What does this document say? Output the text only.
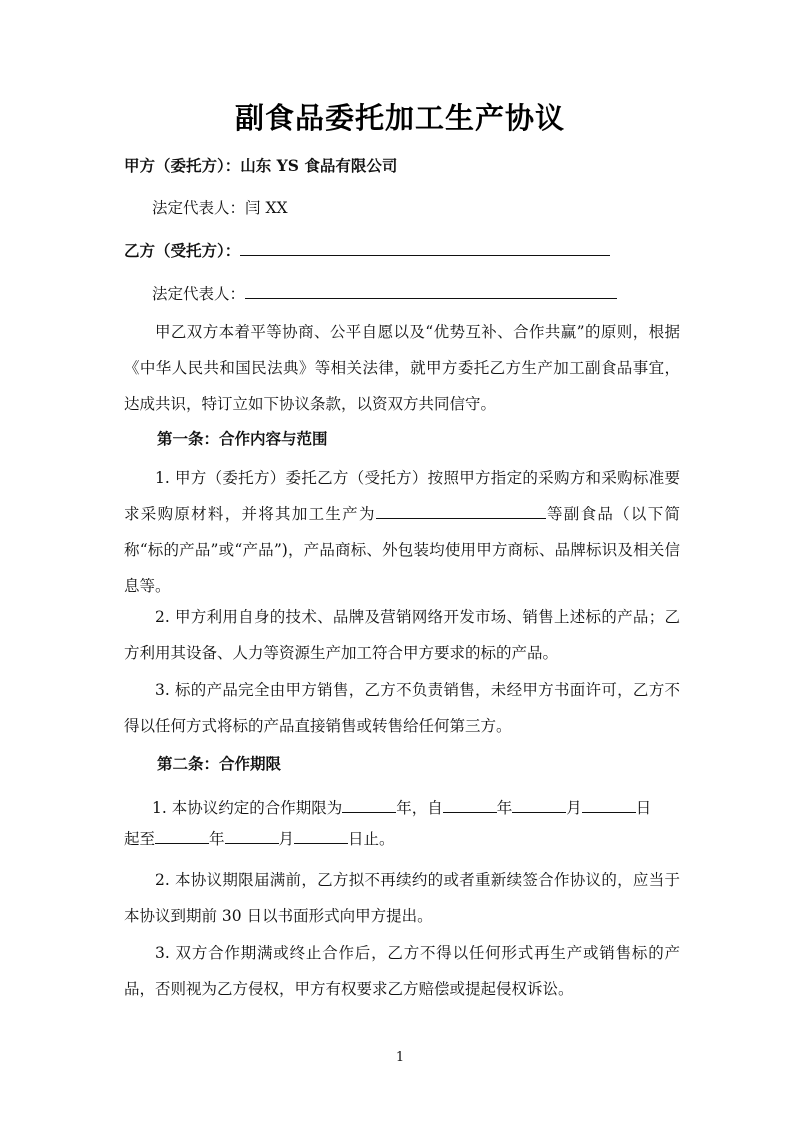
副食品委托加工生产协议
甲方（委托方）：山东 YS 食品有限公司
法定代表人：闫 XX
乙方（受托方）：
法定代表人：
甲乙双方本着平等协商、公平自愿以及“优势互补、合作共赢”的原则，根据《中华人民共和国民法典》等相关法律，就甲方委托乙方生产加工副食品事宜，达成共识，特订立如下协议条款，以资双方共同信守。
第一条：合作内容与范围
1. 甲方（委托方）委托乙方（受托方）按照甲方指定的采购方和采购标准要求采购原材料，并将其加工生产为	等副食品（以下简称“标的产品”或“产品”)，产品商标、外包装均使用甲方商标、品牌标识及相关信息等。
2. 甲方利用自身的技术、品牌及营销网络开发市场、销售上述标的产品；乙方利用其设备、人力等资源生产加工符合甲方要求的标的产品。
3. 标的产品完全由甲方销售，乙方不负责销售，未经甲方书面许可，乙方不得以任何方式将标的产品直接销售或转售给任何第三方。
第二条：合作期限
1. 本协议约定的合作期限为	年，自	年	月	日
起至	年	月	日止。
2. 本协议期限届满前，乙方拟不再续约的或者重新续签合作协议的，应当于本协议到期前 30 日以书面形式向甲方提出。
3. 双方合作期满或终止合作后，乙方不得以任何形式再生产或销售标的产品，否则视为乙方侵权，甲方有权要求乙方赔偿或提起侵权诉讼。
1
